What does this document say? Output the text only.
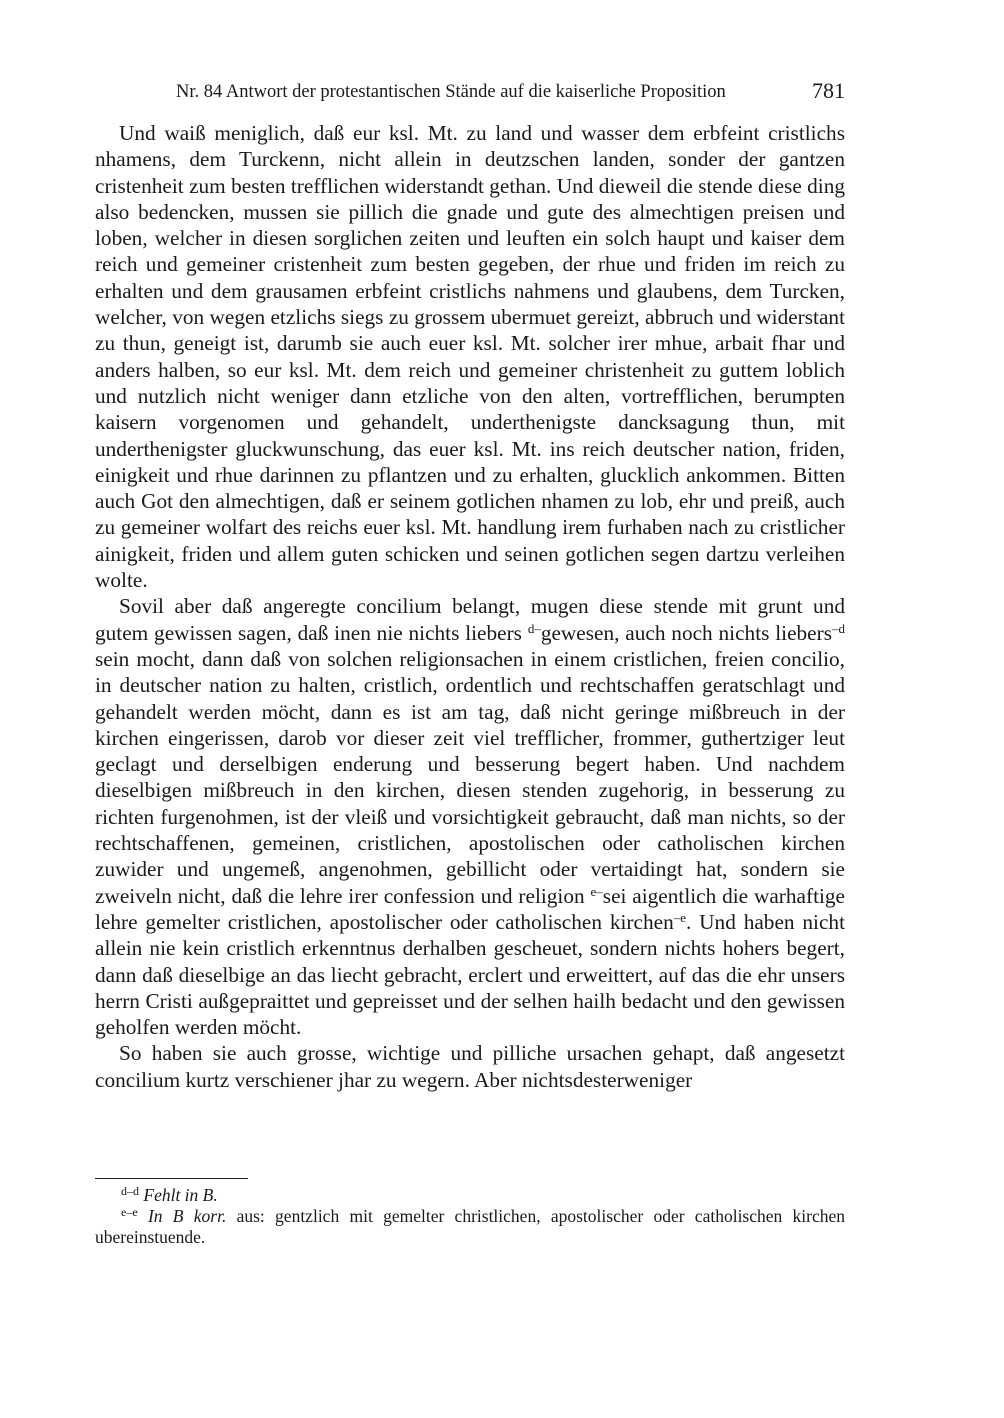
Nr. 84 Antwort der protestantischen Stände auf die kaiserliche Proposition	781

Und waiß meniglich, daß eur ksl. Mt. zu land und wasser dem erbfeint cristlichs nhamens, dem Turckenn, nicht allein in deutzschen landen, sonder der gantzen cristenheit zum besten trefflichen widerstandt gethan. Und dieweil die stende diese ding also bedencken, mussen sie pillich die gnade und gute des almechtigen preisen und loben, welcher in diesen sorglichen zeiten und leuften ein solch haupt und kaiser dem reich und gemeiner cristenheit zum besten gegeben, der rhue und friden im reich zu erhalten und dem grausamen erbfeint cristlichs nahmens und glaubens, dem Turcken, welcher, von wegen etzlichs siegs zu grossem ubermuet gereizt, abbruch und widerstant zu thun, geneigt ist, darumb sie auch euer ksl. Mt. solcher irer mhue, arbait fhar und anders halben, so eur ksl. Mt. dem reich und gemeiner christenheit zu guttem loblich und nutzlich nicht weniger dann etzliche von den alten, vortrefflichen, berumpten kaisern vorgenomen und gehandelt, underthenigste dancksagung thun, mit underthenigster gluckwunschung, das euer ksl. Mt. ins reich deutscher nation, friden, einigkeit und rhue darinnen zu pflantzen und zu erhalten, glucklich ankommen. Bitten auch Got den almechtigen, daß er seinem gotlichen nhamen zu lob, ehr und preiß, auch zu gemeiner wolfart des reichs euer ksl. Mt. handlung irem furhaben nach zu cristlicher ainigkeit, friden und allem guten schicken und seinen gotlichen segen dartzu verleihen wolte.

Sovil aber daß angeregte concilium belangt, mugen diese stende mit grunt und gutem gewissen sagen, daß inen nie nichts liebers $^{d-}$gewesen, auch noch nichts liebers$^{-d}$ sein mocht, dann daß von solchen religionsachen in einem cristlichen, freien concilio, in deutscher nation zu halten, cristlich, ordentlich und rechtschaffen geratschlagt und gehandelt werden möcht, dann es ist am tag, daß nicht geringe mißbreuch in der kirchen eingerissen, darob vor dieser zeit viel trefflicher, frommer, guthertziger leut geclagt und derselbigen enderung und besserung begert haben. Und nachdem dieselbigen mißbreuch in den kirchen, diesen stenden zugehorig, in besserung zu richten furgenohmen, ist der vleiß und vorsichtigkeit gebraucht, daß man nichts, so der rechtschaffenen, gemeinen, cristlichen, apostolischen oder catholischen kirchen zuwider und ungemeß, angenohmen, gebillicht oder vertaidingt hat, sondern sie zweiveln nicht, daß die lehre irer confession und religion $^{e-}$sei aigentlich die warhaftige lehre gemelter cristlichen, apostolischer oder catholischen kirchen$^{-e}$. Und haben nicht allein nie kein cristlich erkenntnus derhalben gescheuet, sondern nichts hohers begert, dann daß dieselbige an das liecht gebracht, erclert und erweittert, auf das die ehr unsers herrn Cristi außgepraittet und gepreisset und der selhen hailh bedacht und den gewissen geholfen werden möcht.

So haben sie auch grosse, wichtige und pilliche ursachen gehapt, daß angesetzt concilium kurtz verschiener jhar zu wegern. Aber nichtsdesterweniger

$^{d-d}$ Fehlt in B.

$^{e-e}$ In B korr. aus: gentzlich mit gemelter christlichen, apostolischer oder catholischen kirchen ubereinstuende.
